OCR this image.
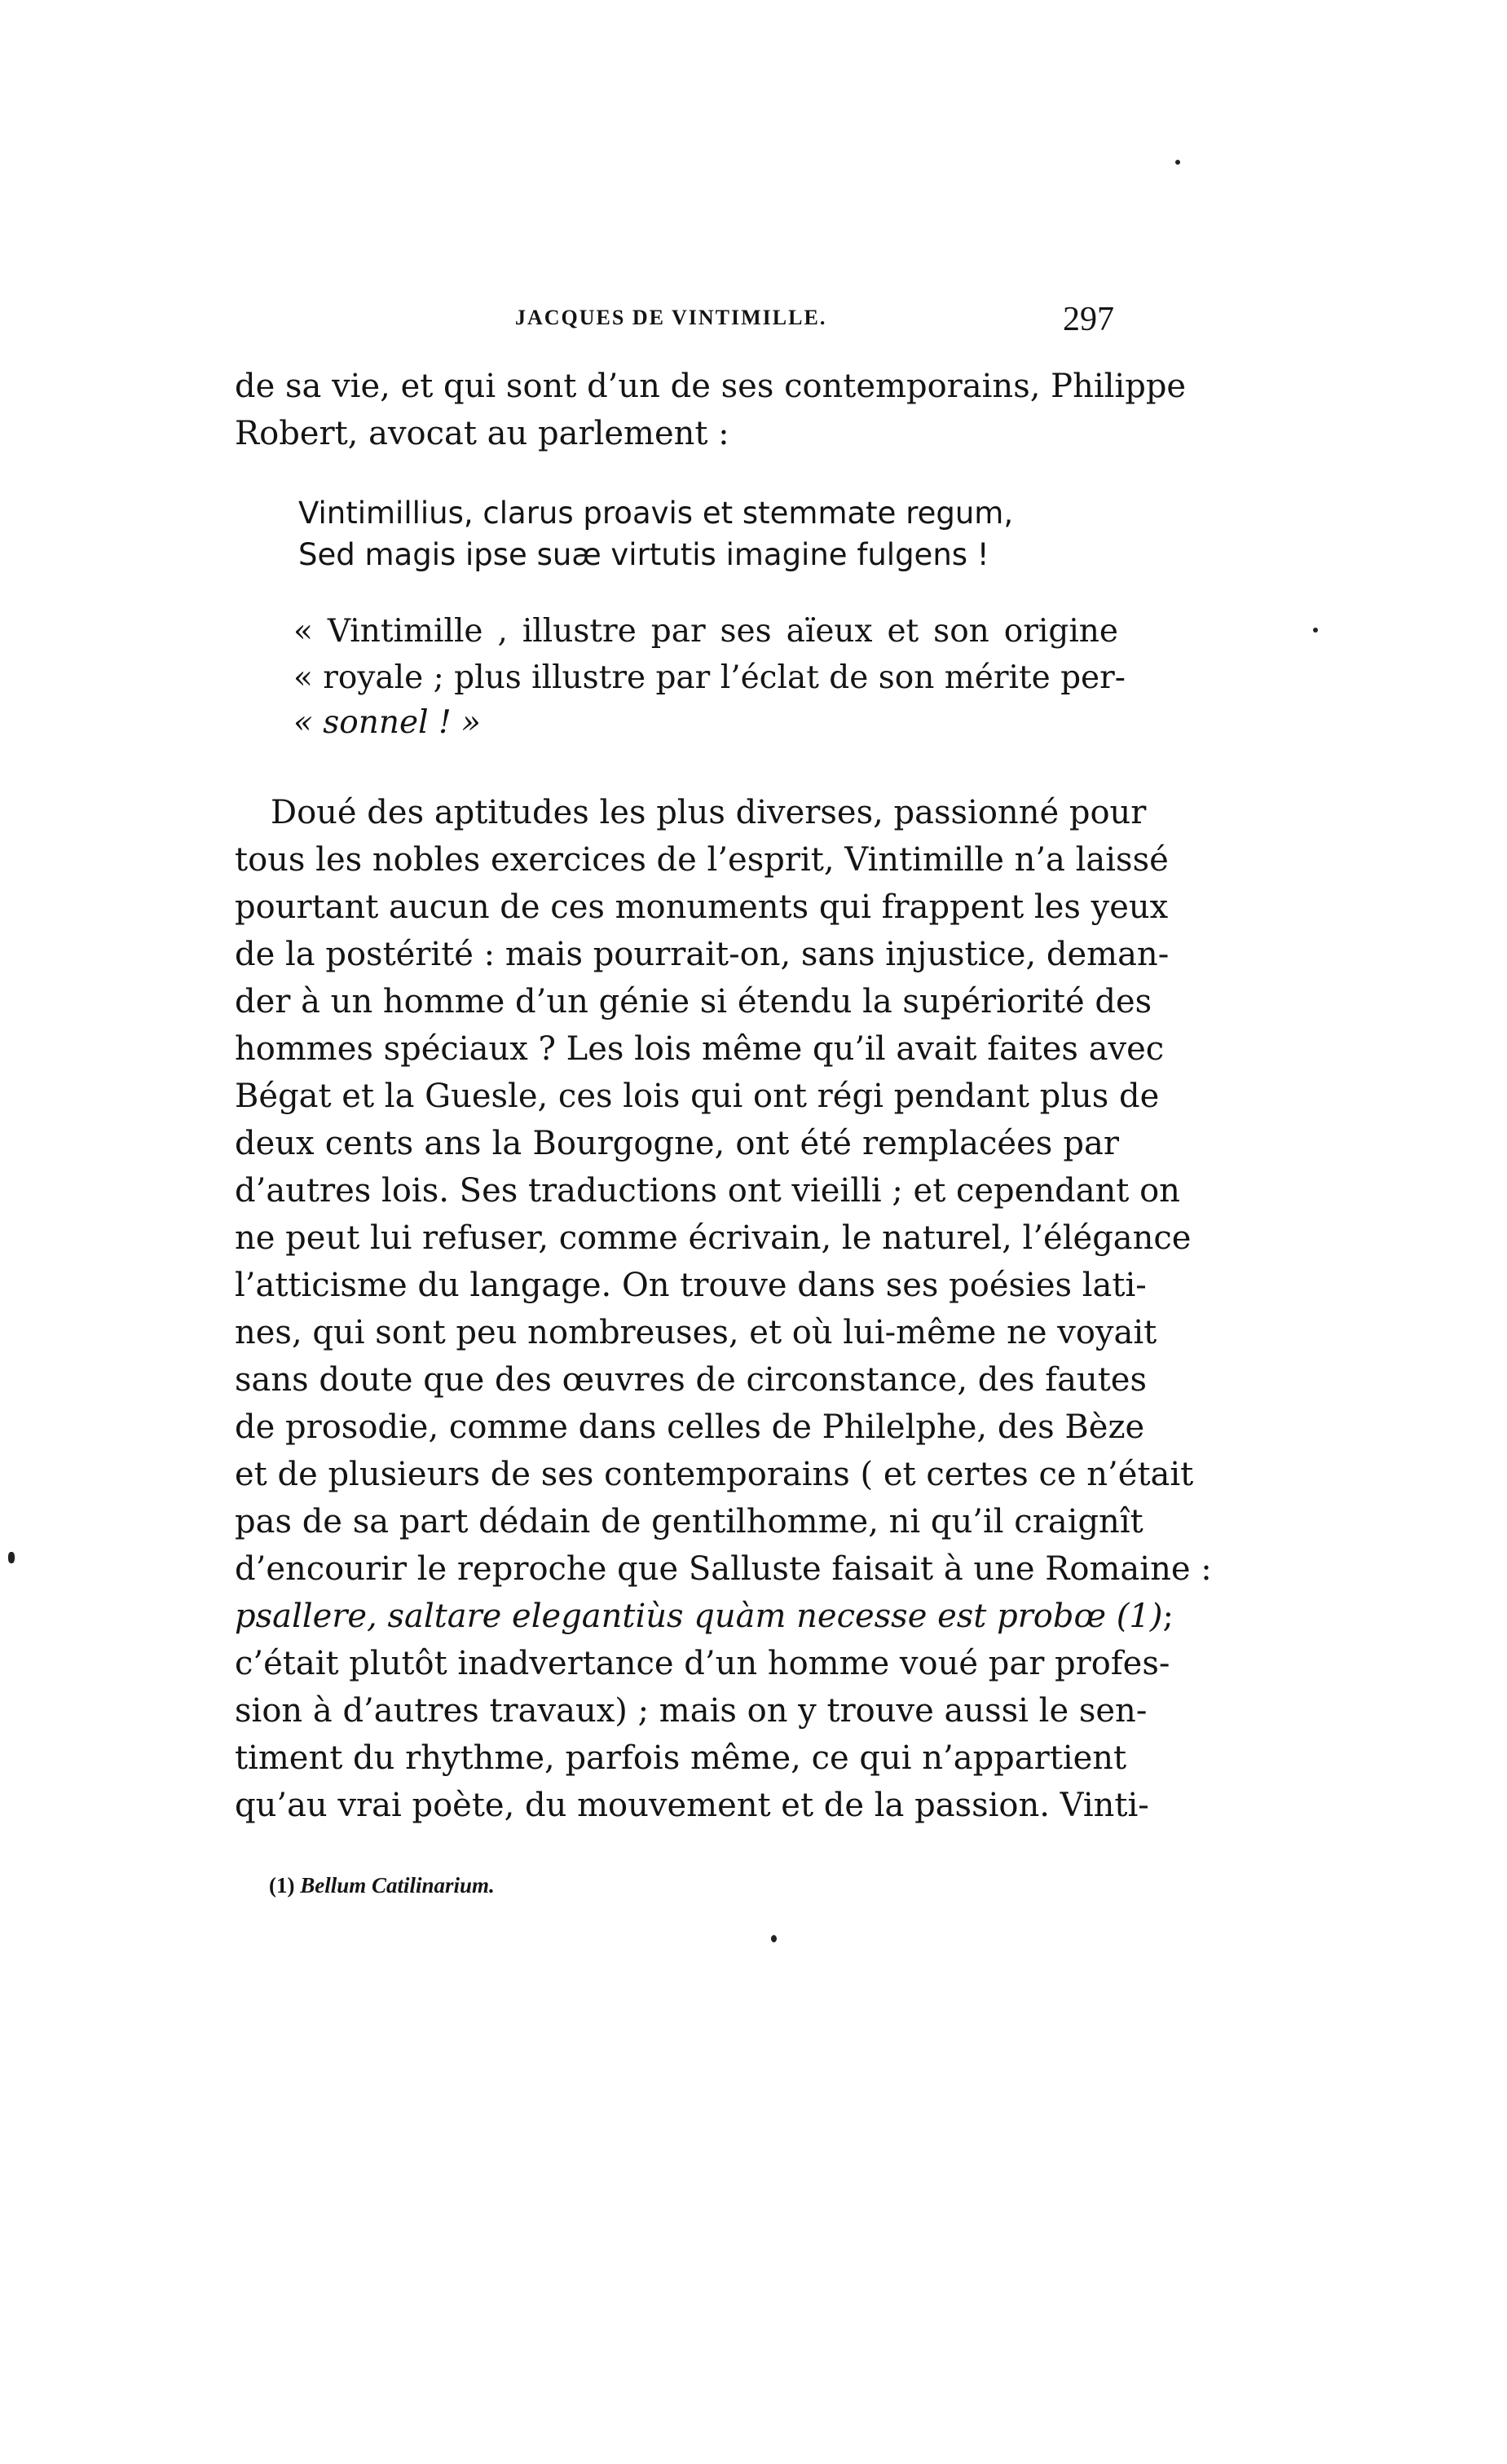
JACQUES DE VINTIMILLE.	297
de sa vie, et qui sont d’un de ses contemporains, Philippe
Robert, avocat au parlement :
Vintimillius, clarus proavis et stemmate regum,
Sed magis ipse suæ virtutis imagine fulgens !
« Vintimille , illustre par ses aïeux et son origine
« royale ; plus illustre par l’éclat de son mérite per-
« sonnel ! »
Doué des aptitudes les plus diverses, passionné pour
tous les nobles exercices de l’esprit, Vintimille n’a laissé
pourtant aucun de ces monuments qui frappent les yeux
de la postérité : mais pourrait-on, sans injustice, deman-
der à un homme d’un génie si étendu la supériorité des
hommes spéciaux ? Les lois même qu’il avait faites avec
Bégat et la Guesle, ces lois qui ont régi pendant plus de
deux cents ans la Bourgogne, ont été remplacées par
d’autres lois. Ses traductions ont vieilli ; et cependant on
ne peut lui refuser, comme écrivain, le naturel, l’élégance
l’atticisme du langage. On trouve dans ses poésies lati-
nes, qui sont peu nombreuses, et où lui-même ne voyait
sans doute que des œuvres de circonstance, des fautes
de prosodie, comme dans celles de Philelphe, des Bèze
et de plusieurs de ses contemporains ( et certes ce n’était
pas de sa part dédain de gentilhomme, ni qu’il craignît
d’encourir le reproche que Salluste faisait à une Romaine :
psallere, saltare elegantiùs quàm necesse est probœ (1);
c’était plutôt inadvertance d’un homme voué par profes-
sion à d’autres travaux) ; mais on y trouve aussi le sen-
timent du rhythme, parfois même, ce qui n’appartient
qu’au vrai poète, du mouvement et de la passion. Vinti-
(1) Bellum Catilinarium.
